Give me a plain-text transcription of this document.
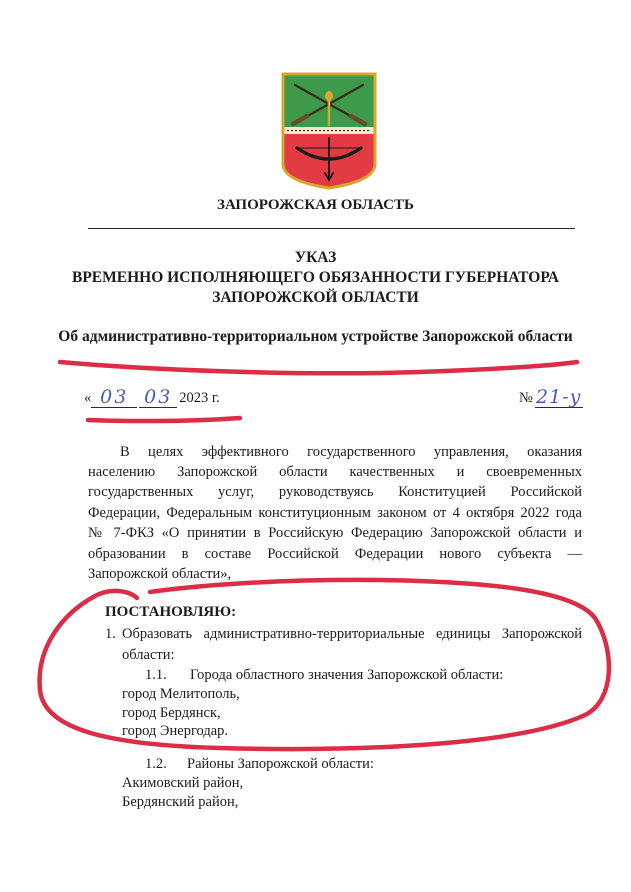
ЗАПОРОЖСКАЯ ОБЛАСТЬ
УКАЗ
ВРЕМЕННО ИСПОЛНЯЮЩЕГО ОБЯЗАННОСТИ ГУБЕРНАТОРА
ЗАПОРОЖСКОЙ ОБЛАСТИ
Об административно-территориальном устройстве Запорожской области
« 03 03 2023 г.	№ 21-у
В целях эффективного государственного управления, оказания
населению Запорожской области качественных и своевременных
государственных услуг, руководствуясь Конституцией Российской
Федерации, Федеральным конституционным законом от 4 октября 2022 года
№ 7-ФКЗ «О принятии в Российскую Федерацию Запорожской области и
образовании в составе Российской Федерации нового субъекта —
Запорожской области»,
ПОСТАНОВЛЯЮ:
1. Образовать административно-территориальные единицы Запорожской
области:
1.1. Города областного значения Запорожской области:
город Мелитополь,
город Бердянск,
город Энергодар.
1.2. Районы Запорожской области:
Акимовский район,
Бердянский район,
